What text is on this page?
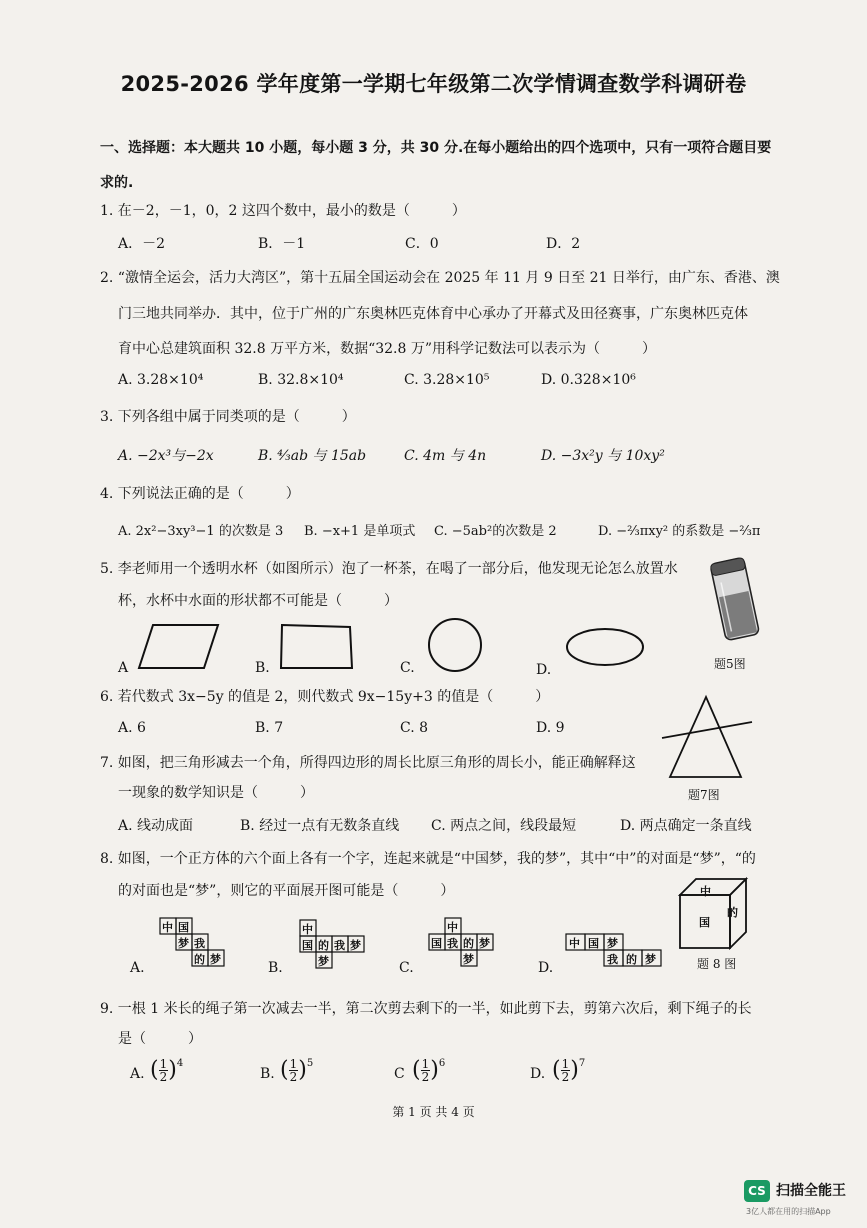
2025-2026 学年度第一学期七年级第二次学情调查数学科调研卷
一、选择题：本大题共 10 小题，每小题 3 分，共 30 分.在每小题给出的四个选项中，只有一项符合题目要
求的.
1. 在－2，－1，0，2 这四个数中，最小的数是（　　　）
A．－2	B．－1	C．0	D．2
2. “激情全运会，活力大湾区”，第十五届全国运动会在 2025 年 11 月 9 日至 21 日举行，由广东、香港、澳
门三地共同举办．其中，位于广州的广东奥林匹克体育中心承办了开幕式及田径赛事，广东奥林匹克体
育中心总建筑面积 32.8 万平方米，数据“32.8 万”用科学记数法可以表示为（　　　）
A. 3.28×10⁴	B. 32.8×10⁴	C. 3.28×10⁵	D. 0.328×10⁶
3. 下列各组中属于同类项的是（　　　）
A. −2x³与−2x	B. ⁴⁄₃ab 与 15ab	C. 4m 与 4n	D. −3x²y 与 10xy²
4. 下列说法正确的是（　　　）
A. 2x²−3xy³−1 的次数是 3 B. −x+1 是单项式 C. −5ab²的次数是 2	D. −²⁄₃πxy² 的系数是 −²⁄₃π
5. 李老师用一个透明水杯（如图所示）泡了一杯茶，在喝了一部分后，他发现无论怎么放置水
杯，水杯中水面的形状都不可能是（　　　）
A	B.	C.	D.	题5图
6. 若代数式 3x−5y 的值是 2，则代数式 9x−15y+3 的值是（　　　）
A. 6	B. 7	C. 8	D. 9
7. 如图，把三角形减去一个角，所得四边形的周长比原三角形的周长小，能正确解释这
一现象的数学知识是（　　　）	题7图
A. 线动成面	B. 经过一点有无数条直线 C. 两点之间，线段最短	D. 两点确定一条直线
8. 如图，一个正方体的六个面上各有一个字，连起来就是“中国梦，我的梦”，其中“中”的对面是“梦”，“的
的对面也是“梦”，则它的平面展开图可能是（　　　）	中
国
的
题 8 图
中 国
梦 我
的 梦
中
国 的 我 梦
梦
中
国 我 的 梦
梦
中 国 梦
我 的 梦
A.	B.	C.	D.
9. 一根 1 米长的绳子第一次减去一半，第二次剪去剩下的一半，如此剪下去，剪第六次后，剩下绳子的长
是（　　　）
A.	B.	C	D.
( $\frac{1}{2} )^4$	( $\frac{1}{2} )^5$	( $\frac{1}{2} )^6$	( $\frac{1}{2} )^7$
第 1 页 共 4 页
CS 扫描全能王
3亿人都在用的扫描App
